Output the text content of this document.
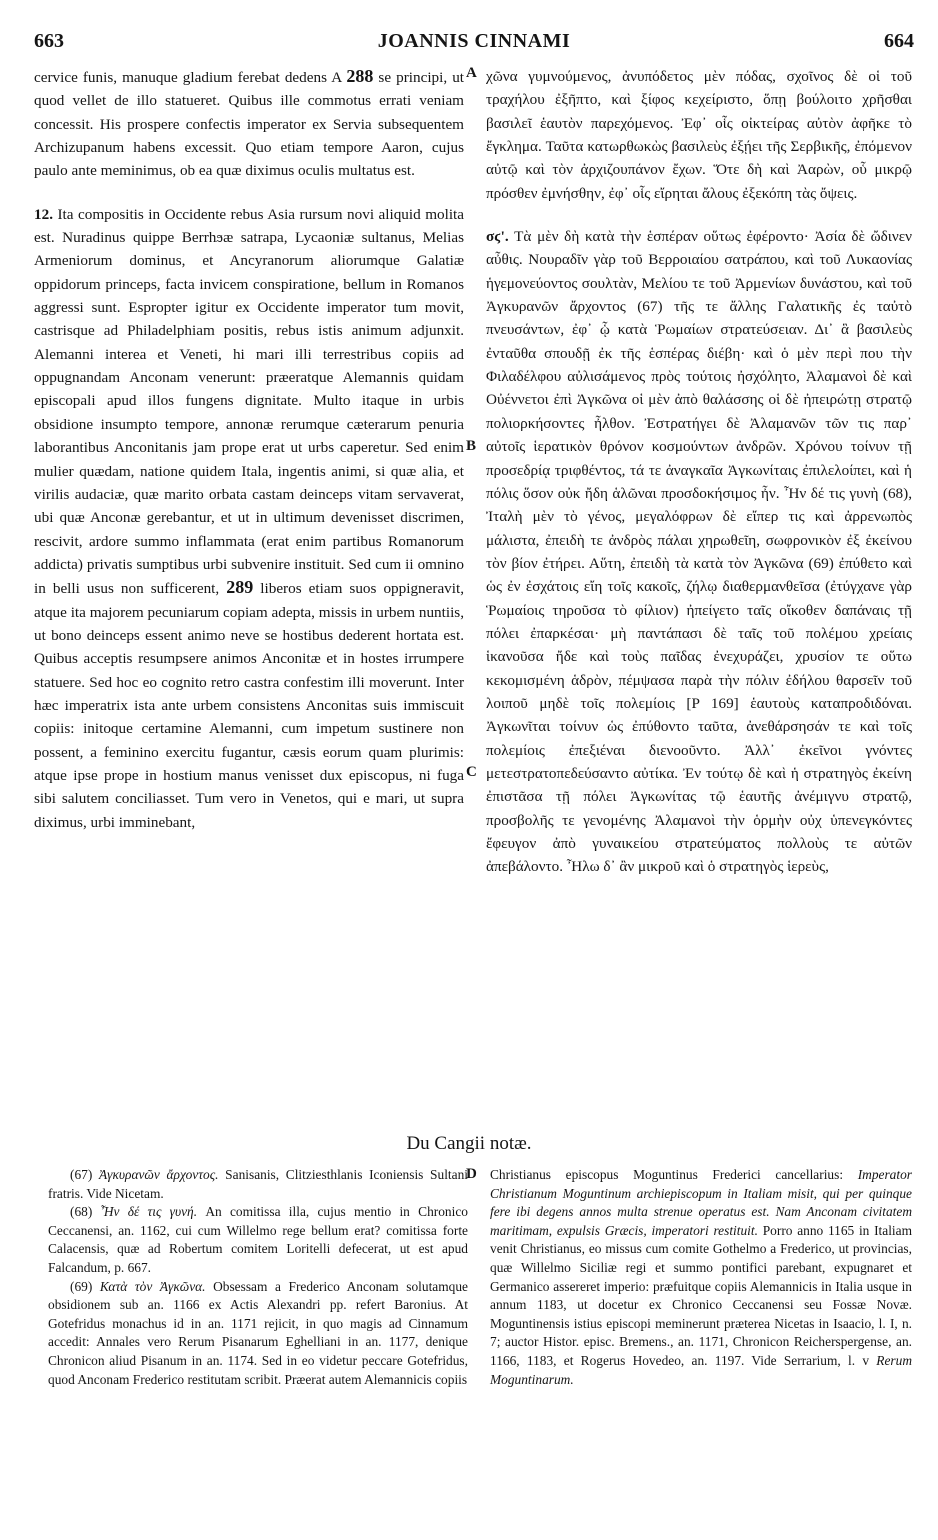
663	JOANNIS CINNAMI	664

cervice funis, manuque gladium ferebat dedens A 288 se principi, ut quod vellet de illo statueret. Quibus ille commotus errati veniam concessit. His prospere confectis imperator ex Servia subsequentem Archizupanum habens excessit. Quo etiam tempore Aaron, cujus paulo ante meminimus, ob ea quæ diximus oculis multatus est.

12. Ita compositis in Occidente rebus Asia rursum novi aliquid molita est. Nuradinus quippe Berrhϧæ satrapa, Lycaoniæ sultanus, Melias Armeniorum dominus, et Ancyranorum aliorumque Galatiæ oppidorum princeps, facta invicem conspiratione, bellum in Romanos aggressi sunt. Espropter igitur ex Occidente imperator tum movit, castrisque ad Philadelphiam positis, rebus istis animum adjunxit. Alemanni interea et Veneti, hi mari illi terrestribus copiis ad oppugnandam Anconam venerunt: præeratque Alemannis quidam episcopali apud illos fungens dignitate. Multo itaque in urbis obsidione insumpto tempore, annonæ rerumque cæterarum penuria laborantibus Anconitanis jam prope erat ut urbs caperetur. Sed enim mulier quædam, natione quidem Itala, ingentis animi, si quæ alia, et virilis audaciæ, quæ marito orbata castam deinceps vitam servaverat, ubi quæ Anconæ gerebantur, et ut in ultimum devenisset discrimen, rescivit, ardore summo inflammata (erat enim partibus Romanorum addicta) privatis sumptibus urbi subvenire instituit. Sed cum ii omnino in belli usus non sufficerent, 289 liberos etiam suos oppigneravit, atque ita majorem pecuniarum copiam adepta, missis in urbem nuntiis, ut bono deinceps essent animo neve se hostibus dederent hortata est. Quibus acceptis resumpsere animos Anconitæ et in hostes irrumpere statuere. Sed hoc eo cognito retro castra confestim illi moverunt. Inter hæc imperatrix ista ante urbem consistens Anconitas suis immiscuit copiis: initoque certamine Alemanni, cum impetum sustinere non possent, a feminino exercitu fugantur, cæsis eorum quam plurimis: atque ipse prope in hostium manus venisset dux episcopus, ni fuga sibi salutem conciliasset. Tum vero in Venetos, qui e mari, ut supra diximus, urbi imminebant,

A
B
C
D

χῶνα γυμνούμενος, ἀνυπόδετος μὲν πόδας, σχοῖνος δὲ οἱ τοῦ τραχήλου ἐξῆπτο, καὶ ξίφος κεχείριστο, ὅπῃ βούλοιτο χρῆσθαι βασιλεῖ ἑαυτὸν παρεχόμενος. Ἐφ᾽ οἷς οἰκτείρας αὐτὸν ἀφῆκε τὸ ἔγκλημα. Ταῦτα κατωρθωκὼς βασιλεὺς ἐξῄει τῆς Σερβικῆς, ἐπόμενον αὐτῷ καὶ τὸν ἀρχιζουπάνον ἔχων. Ὅτε δὴ καὶ Ἀαρὼν, οὗ μικρῷ πρόσθεν ἐμνήσθην, ἐφ᾽ οἷς εἴρηται ἄλους ἐξεκόπη τὰς ὄψεις.

σϛ'. Τὰ μὲν δὴ κατὰ τὴν ἑσπέραν οὕτως ἐφέροντο· Ἀσία δὲ ὤδινεν αὖθις. Νουραδῖν γὰρ τοῦ Βερροιαίου σατράπου, καὶ τοῦ Λυκαονίας ἡγεμονεύοντος σουλτὰν, Μελίου τε τοῦ Ἀρμενίων δυνάστου, καὶ τοῦ Ἀγκυρανῶν ἄρχοντος (67) τῆς τε ἄλλης Γαλατικῆς ἐς ταὐτὸ πνευσάντων, ἐφ᾽ ᾧ κατὰ Ῥωμαίων στρατεύσειαν. Δι᾽ ἃ βασιλεὺς ἐνταῦθα σπουδῇ ἐκ τῆς ἑσπέρας διέβη· καὶ ὁ μὲν περὶ που τὴν Φιλαδέλφου αὐλισάμενος πρὸς τούτοις ἠσχόλητο, Ἀλαμανοὶ δὲ καὶ Οὐέννετοι ἐπὶ Ἀγκῶνα οἱ μὲν ἀπὸ θαλάσσης οἱ δὲ ἠπειρώτῃ στρατῷ πολιορκήσοντες ἦλθον. Ἐστρατήγει δὲ Ἀλαμανῶν τῶν τις παρ᾽ αὐτοῖς ἱερατικὸν θρόνον κοσμούντων ἀνδρῶν. Χρόνου τοίνυν τῇ προσεδρίᾳ τριφθέντος, τά τε ἀναγκαῖα Ἀγκωνίταις ἐπιλελοίπει, καὶ ἡ πόλις ὅσον οὐκ ἤδη ἁλῶναι προσδοκήσιμος ἦν. Ἦν δέ τις γυνὴ (68), Ἰταλὴ μὲν τὸ γένος, μεγαλόφρων δὲ εἴπερ τις καὶ ἀρρενωπὸς μάλιστα, ἐπειδὴ τε ἀνδρὸς πάλαι χηρωθεῖη, σωφρονικὸν ἐξ ἐκείνου τὸν βίον ἐτήρει. Αὕτη, ἐπειδὴ τὰ κατὰ τὸν Ἀγκῶνα (69) ἐπύθετο καὶ ὡς ἐν ἐσχάτοις εἴη τοῖς κακοῖς, ζήλῳ διαθερμανθεῖσα (ἐτύγχανε γὰρ Ῥωμαίοις τηροῦσα τὸ φίλιον) ἠπείγετο ταῖς οἴκοθεν δαπάναις τῇ πόλει ἐπαρκέσαι· μὴ παντάπασι δὲ ταῖς τοῦ πολέμου χρείαις ἱκανοῦσα ἤδε καὶ τοὺς παῖδας ἐνεχυράζει, χρυσίον τε οὕτω κεκομισμένη ἁδρὸν, πέμψασα παρὰ τὴν πόλιν ἐδήλου θαρσεῖν τοῦ λοιποῦ μηδὲ τοῖς πολεμίοις [P 169] ἑαυτοὺς καταπροδιδόναι. Ἀγκωνῖται τοίνυν ὡς ἐπύθοντο ταῦτα, ἀνεθάρσησάν τε καὶ τοῖς πολεμίοις ἐπεξιέναι διενοοῦντο. Ἀλλ᾽ ἐκεῖνοι γνόντες μετεστρατοπεδεύσαντο αὐτίκα. Ἐν τούτῳ δὲ καὶ ἡ στρατηγὸς ἐκείνη ἐπιστᾶσα τῇ πόλει Ἀγκωνίτας τῷ ἑαυτῆς ἀνέμιγνυ στρατῷ, προσβολῆς τε γενομένης Ἀλαμανοὶ τὴν ὁρμὴν οὐχ ὑπενεγκόντες ἔφευγον ἀπὸ γυναικείου στρατεύματος πολλοὺς τε αὐτῶν ἀπεβάλοντο. Ἦλω δ᾽ ἂν μικροῦ καὶ ὁ στρατηγὸς ἱερεὺς,

Du Cangii notæ.

(67) Ἀγκυρανῶν ἄρχοντος. Sanisanis, Clitziesthlanis Iconiensis Sultani fratris. Vide Nicetam.

(68) Ἦν δέ τις γυνή. An comitissa illa, cujus mentio in Chronico Ceccanensi, an. 1162, cui cum Willelmo rege bellum erat? comitissa forte Calacensis, quæ ad Robertum comitem Loritelli defecerat, ut est apud Falcandum, p. 667.

(69) Κατὰ τὸν Ἀγκῶνα. Obsessam a Frederico Anconam solutamque obsidionem sub an. 1166 ex Actis Alexandri pp. refert Baronius. At Gotefridus monachus id in an. 1171 rejicit, in quo magis ad Cinnamum accedit: Annales vero Rerum Pisanarum Eghelliani in an. 1177, denique Chronicon aliud Pisanum in an. 1174. Sed in eo videtur peccare Gotefridus, quod Anconam Frederico restitutam scribit. Præerat autem Alemannicis copiis

Christianus episcopus Moguntinus Frederici cancellarius: Imperator Christianum Moguntinum archiepiscopum in Italiam misit, qui per quinque fere ibi degens annos multa strenue operatus est. Nam Anconam civitatem maritimam, expulsis Græcis, imperatori restituit. Porro anno 1165 in Italiam venit Christianus, eo missus cum comite Gothelmo a Frederico, ut provincias, quæ Willelmo Siciliæ regi et summo pontifici parebant, expugnaret et Germanico assereret imperio: præfuitque copiis Alemannicis in Italia usque in annum 1183, ut docetur ex Chronico Ceccanensi seu Fossæ Novæ. Moguntinensis istius episcopi meminerunt præterea Nicetas in Isaacio, l. I, n. 7; auctor Histor. episc. Bremens., an. 1171, Chronicon Reicherspergense, an. 1166, 1183, et Rogerus Hovedeo, an. 1197. Vide Serrarium, l. v Rerum Moguntinarum.
